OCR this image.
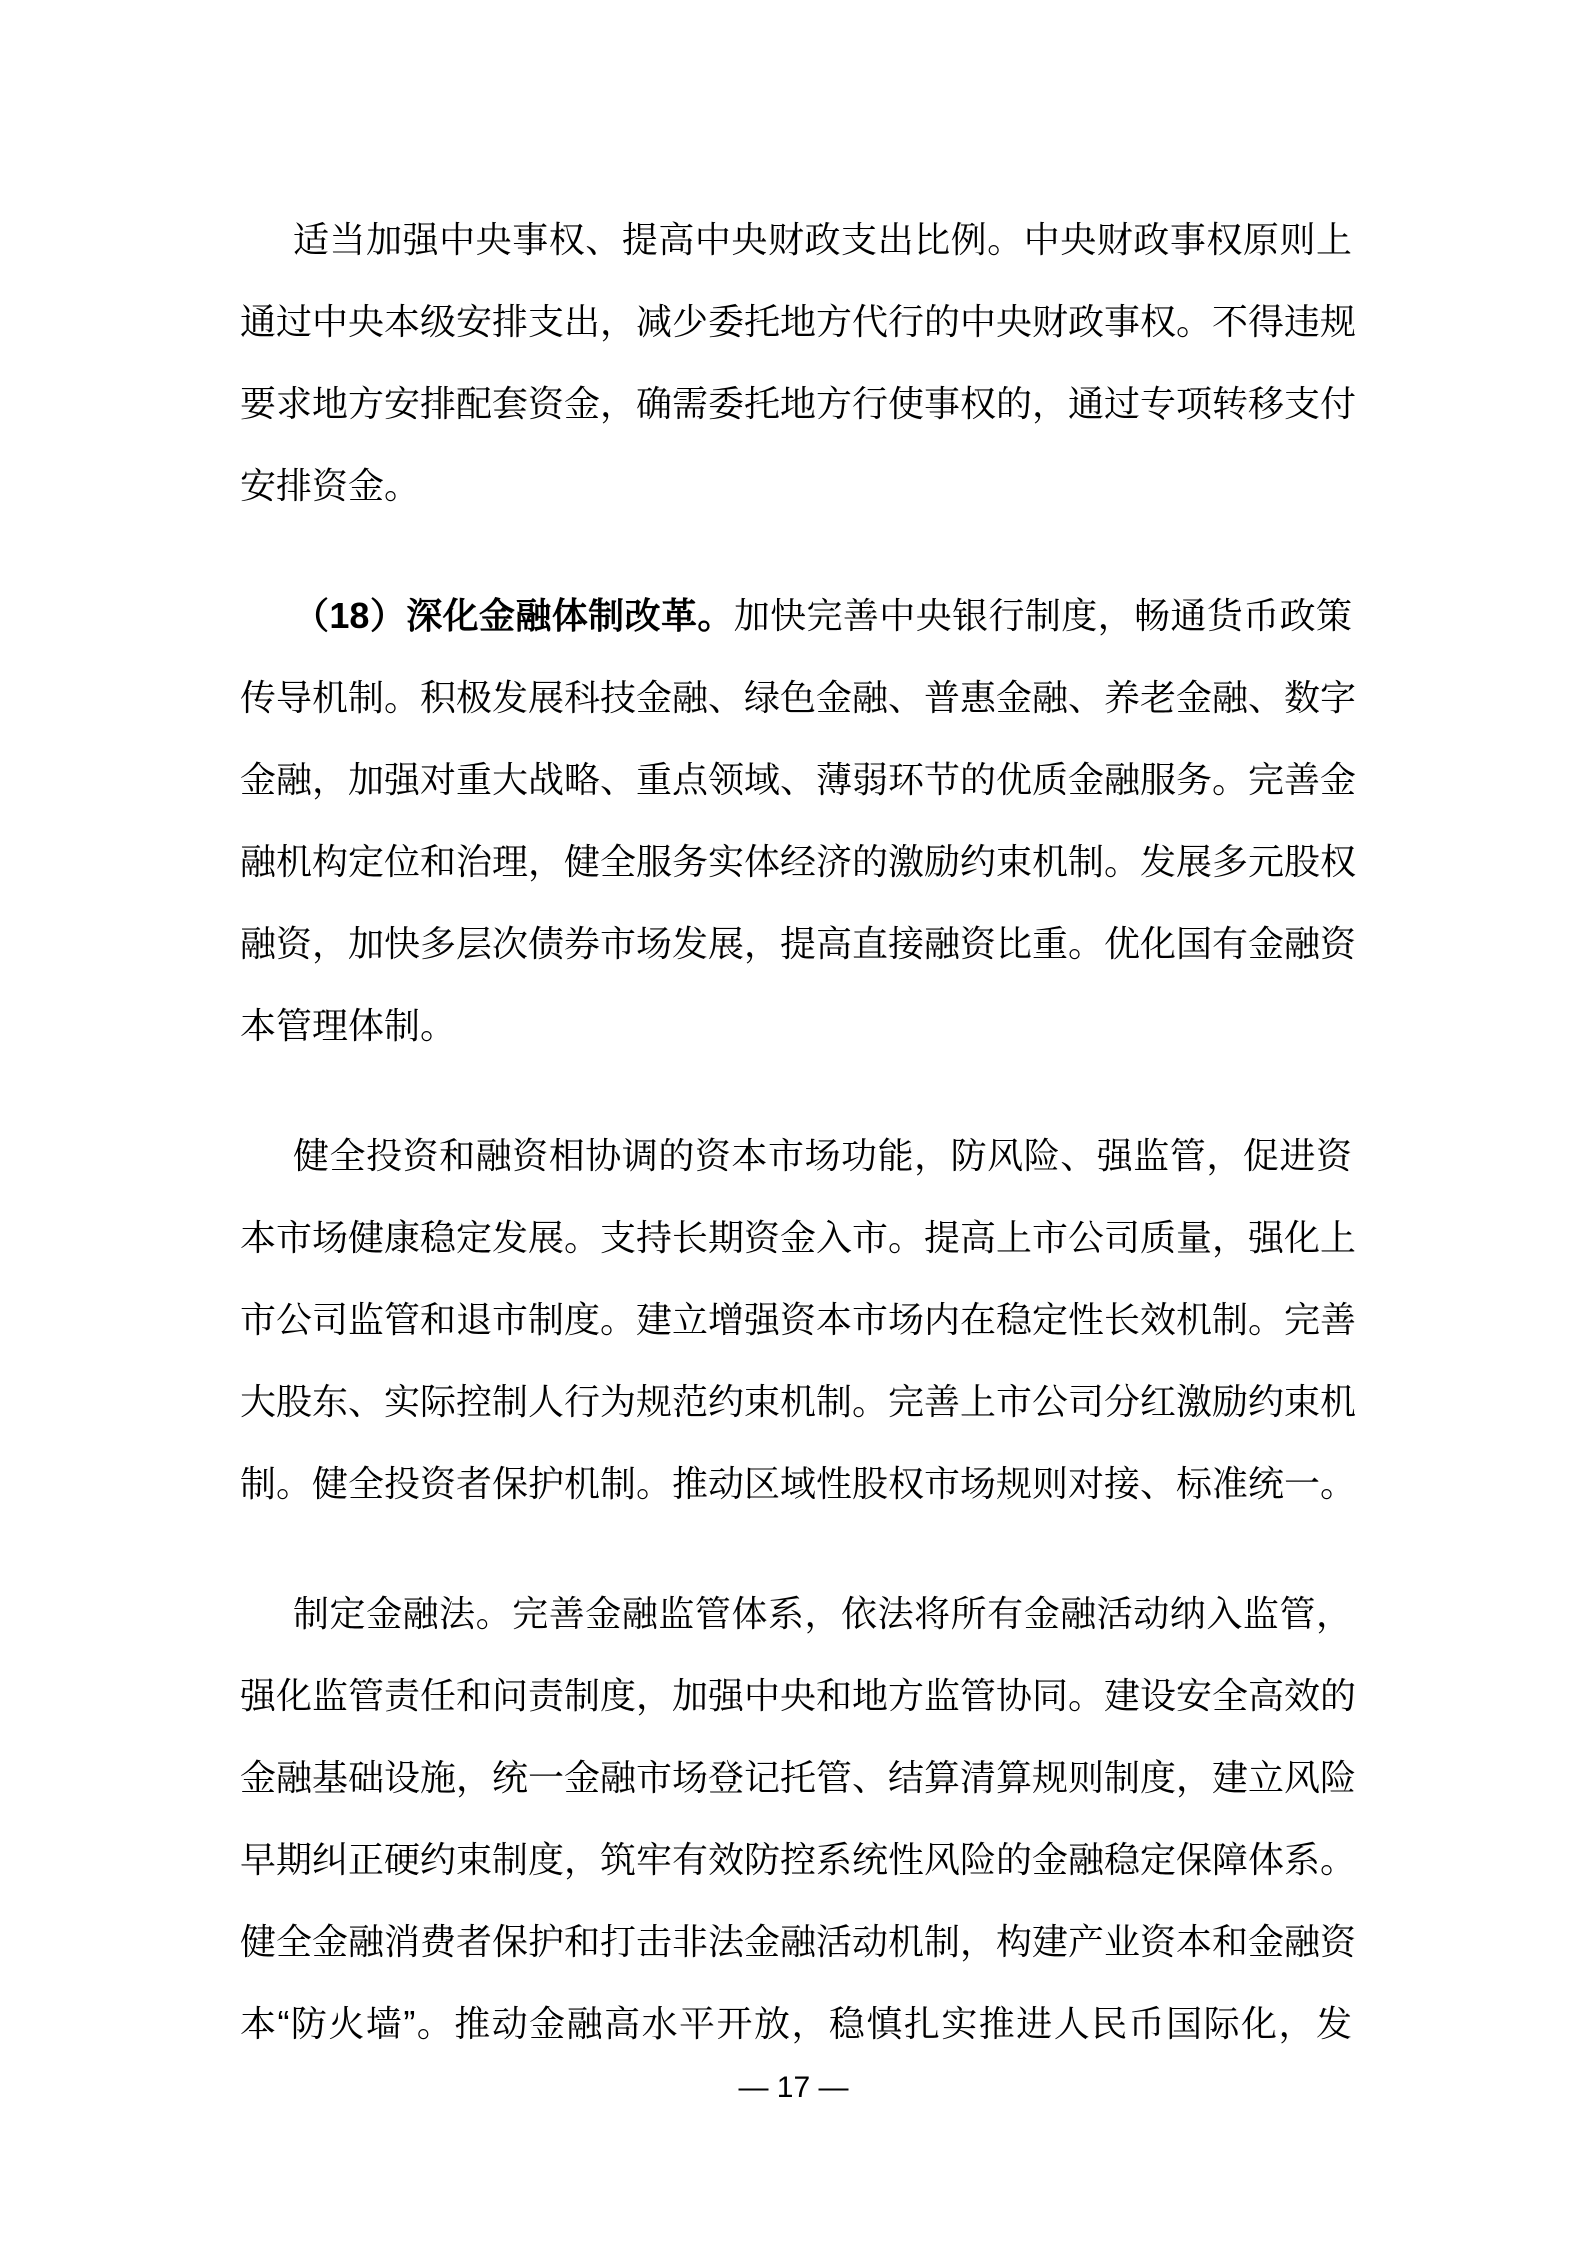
适当加强中央事权、提高中央财政支出比例。中央财政事权原则上
通过中央本级安排支出，减少委托地方代行的中央财政事权。不得违规
要求地方安排配套资金，确需委托地方行使事权的，通过专项转移支付
安排资金。
（18）深化金融体制改革。加快完善中央银行制度，畅通货币政策
传导机制。积极发展科技金融、绿色金融、普惠金融、养老金融、数字
金融，加强对重大战略、重点领域、薄弱环节的优质金融服务。完善金
融机构定位和治理，健全服务实体经济的激励约束机制。发展多元股权
融资，加快多层次债券市场发展，提高直接融资比重。优化国有金融资
本管理体制。
健全投资和融资相协调的资本市场功能，防风险、强监管，促进资
本市场健康稳定发展。支持长期资金入市。提高上市公司质量，强化上
市公司监管和退市制度。建立增强资本市场内在稳定性长效机制。完善
大股东、实际控制人行为规范约束机制。完善上市公司分红激励约束机
制。健全投资者保护机制。推动区域性股权市场规则对接、标准统一。
制定金融法。完善金融监管体系，依法将所有金融活动纳入监管，
强化监管责任和问责制度，加强中央和地方监管协同。建设安全高效的
金融基础设施，统一金融市场登记托管、结算清算规则制度，建立风险
早期纠正硬约束制度，筑牢有效防控系统性风险的金融稳定保障体系。
健全金融消费者保护和打击非法金融活动机制，构建产业资本和金融资
本“防火墙”。推动金融高水平开放，稳慎扎实推进人民币国际化，发
— 17 —
